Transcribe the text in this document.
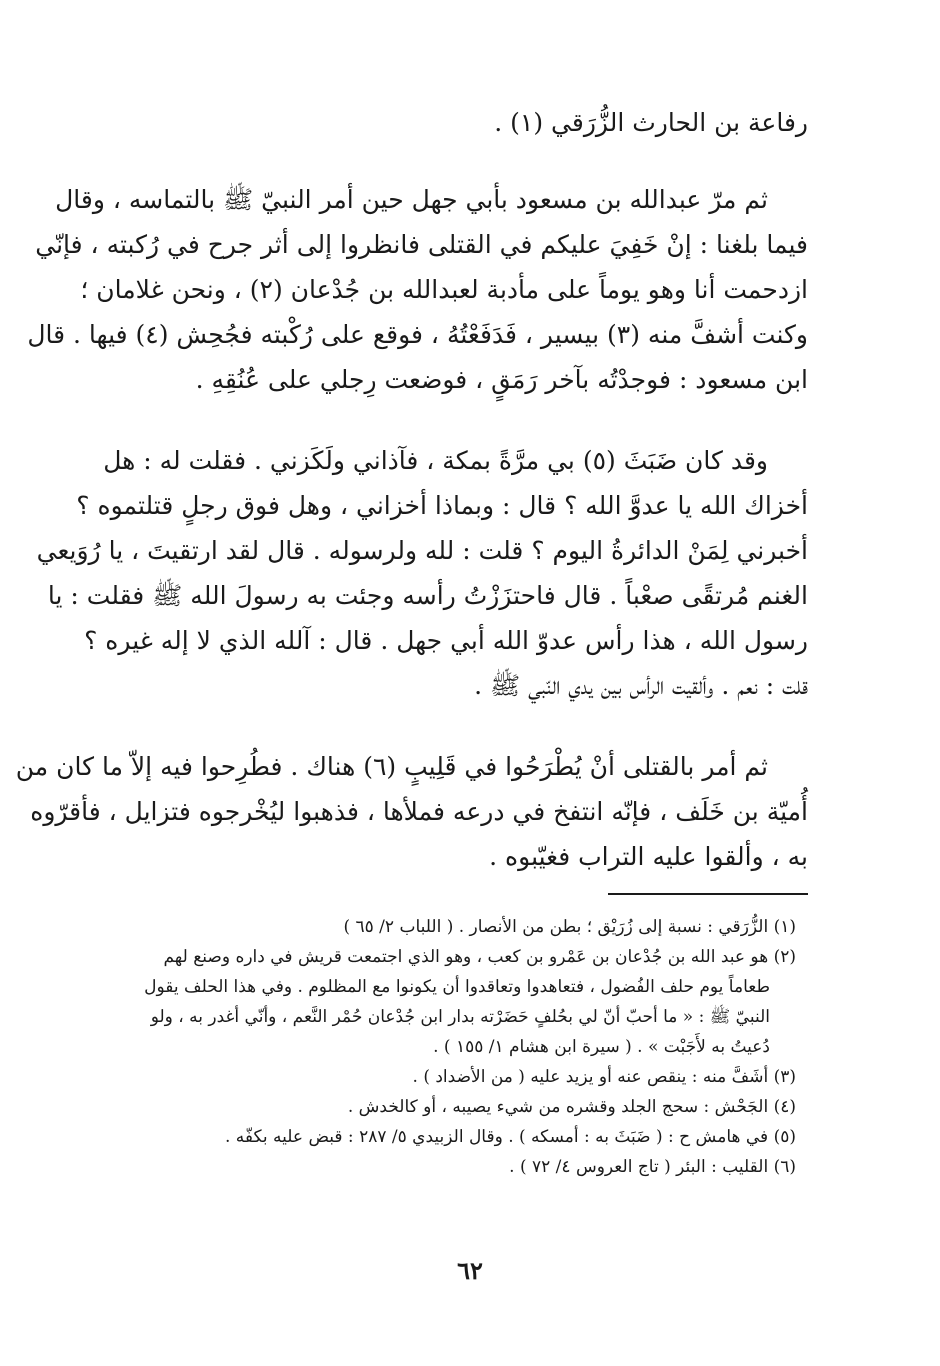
رفاعة بن الحارث الزُّرَقي (١) .

ثم مرّ عبدالله بن مسعود بأبي جهل حين أمر النبيّ ﷺ بالتماسه ، وقال
فيما بلغنا : إنْ خَفِيَ عليكم في القتلى فانظروا إلى أثر جرح في رُكبته ، فإنّي
ازدحمت أنا وهو يوماً على مأدبة لعبدالله بن جُدْعان (٢) ، ونحن غلامان ؛
وكنت أشفَّ منه (٣) بيسير ، فَدَفَعْتُهُ ، فوقع على رُكْبته فجُحِش (٤) فيها . قال
ابن مسعود : فوجدْتُه بآخر رَمَقٍ ، فوضعت رِجلي على عُنُقِهِ .

وقد كان ضَبَثَ (٥) بي مرَّةً بمكة ، فآذاني ولَكَزني . فقلت له : هل
أخزاك الله يا عدوَّ الله ؟ قال : وبماذا أخزاني ، وهل فوق رجلٍ قتلتموه ؟
أخبرني لِمَنْ الدائرةُ اليوم ؟ قلت : لله ولرسوله . قال لقد ارتقيتَ ، يا رُوَيعي
الغنم مُرتقًى صعْباً . قال فاحتزَزْتُ رأسه وجئت به رسولَ الله ﷺ فقلت : يا
رسول الله ، هذا رأس عدوّ الله أبي جهل . قال : آلله الذي لا إله غيره ؟
قلت : نعم . وألقيت الرأس بين يدي النّبي ﷺ .

ثم أمر بالقتلى أنْ يُطْرَحُوا في قَلِيبٍ (٦) هناك . فطُرِحوا فيه إلاّ ما كان من
أُميّة بن خَلَف ، فإنّه انتفخ في درعه فملأها ، فذهبوا ليُخْرجوه فتزايل ، فأقرّوه
به ، وألقوا عليه التراب فغيّبوه .

(١) الزُّرَقي : نسبة إلى زُرَيْق ؛ بطن من الأنصار . ( اللباب ٢/ ٦٥ )

(٢) هو عبد الله بن جُدْعان بن عَمْرو بن كعب ، وهو الذي اجتمعت قريش في داره وصنع لهم

طعاماً يوم حلف الفُضول ، فتعاهدوا وتعاقدوا أن يكونوا مع المظلوم . وفي هذا الحلف يقول

النبيّ ﷺ : « ما أحبّ أنّ لي بحُلفٍ حَضَرْته بدار ابن جُدْعان حُمْر النَّعم ، وأنّي أغدر به ، ولو

دُعيتُ به لأَجَبْت » . ( سيرة ابن هشام ١/ ١٥٥ ) .

(٣) أشَفَّ منه : ينقص عنه أو يزيد عليه ( من الأضداد ) .

(٤) الجَحْش : سحج الجلد وقشره من شيء يصيبه ، أو كالخدش .

(٥) في هامش ح : ( ضَبَثَ به : أمسكه ) . وقال الزبيدي ٥/ ٢٨٧ : قبض عليه بكفّه .

(٦) القليب : البئر ( تاج العروس ٤/ ٧٢ ) .

٦٢
